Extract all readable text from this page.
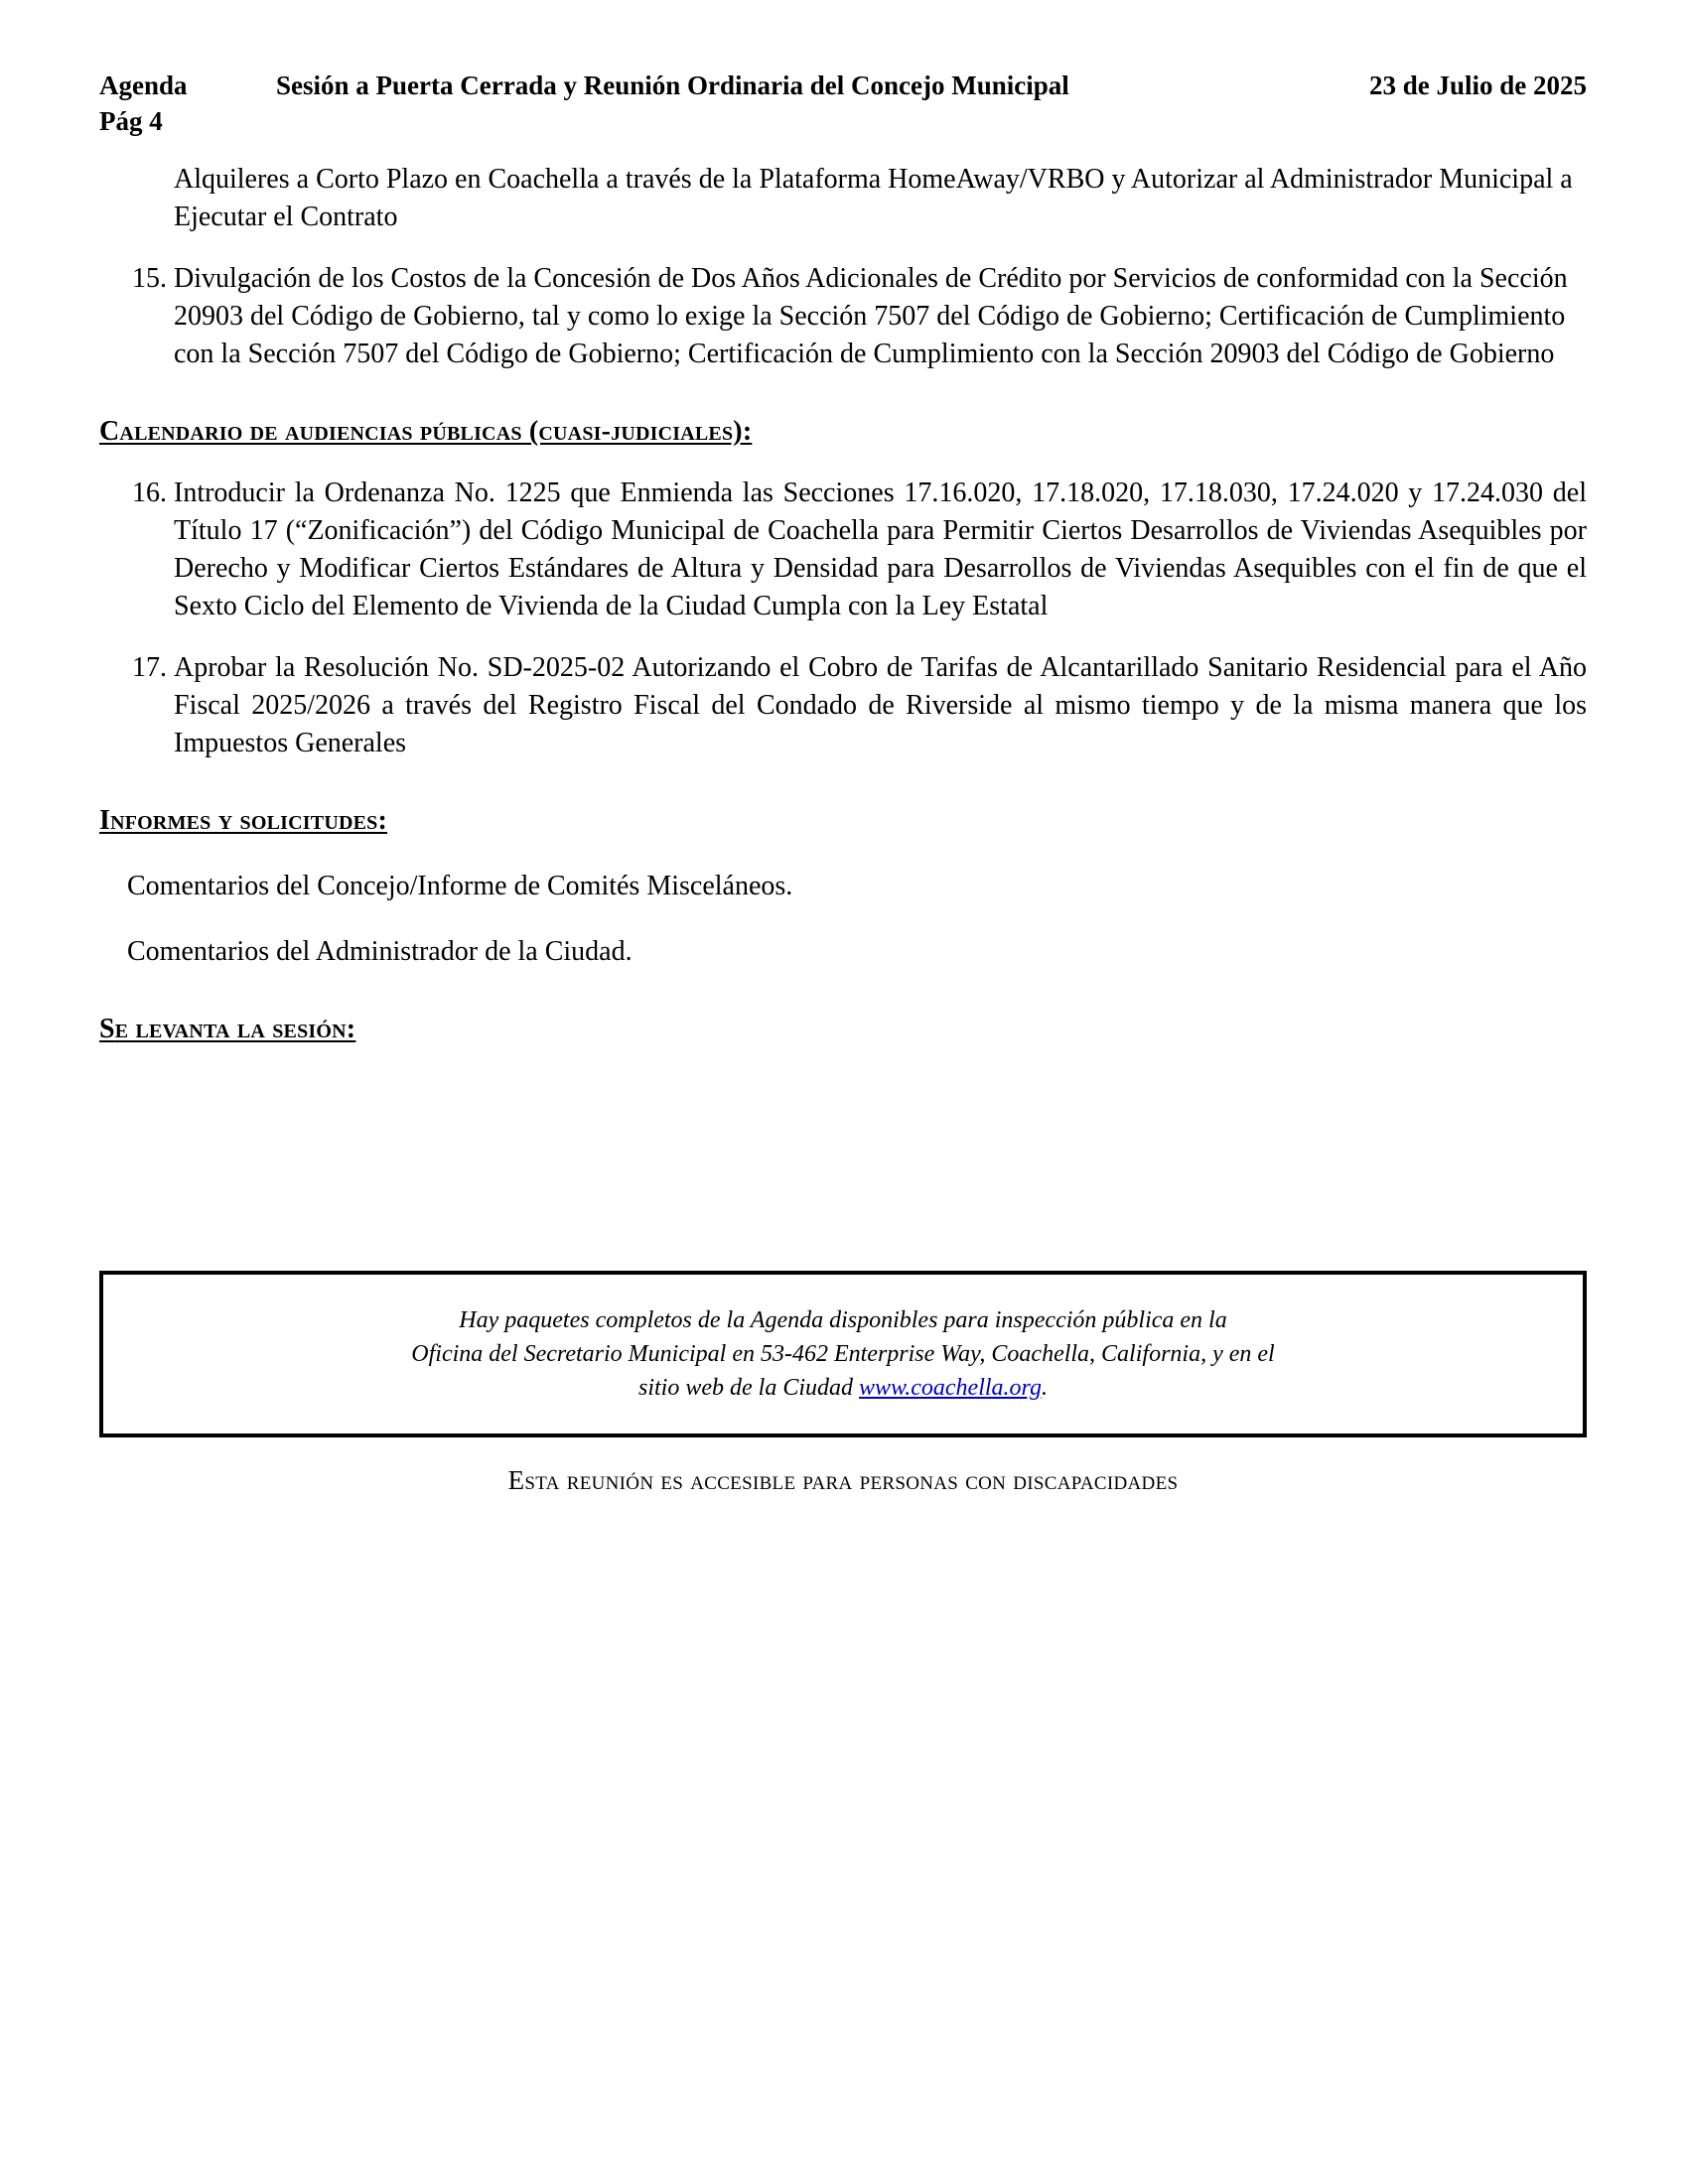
Agenda	Sesión a Puerta Cerrada y Reunión Ordinaria del Concejo Municipal	23 de Julio de 2025
Pág 4

Alquileres a Corto Plazo en Coachella a través de la Plataforma HomeAway/VRBO y Autorizar al Administrador Municipal a Ejecutar el Contrato

15. Divulgación de los Costos de la Concesión de Dos Años Adicionales de Crédito por Servicios de conformidad con la Sección 20903 del Código de Gobierno, tal y como lo exige la Sección 7507 del Código de Gobierno; Certificación de Cumplimiento con la Sección 7507 del Código de Gobierno; Certificación de Cumplimiento con la Sección 20903 del Código de Gobierno
Calendario de audiencias públicas (cuasi-judiciales):
16. Introducir la Ordenanza No. 1225 que Enmienda las Secciones 17.16.020, 17.18.020, 17.18.030, 17.24.020 y 17.24.030 del Título 17 (“Zonificación”) del Código Municipal de Coachella para Permitir Ciertos Desarrollos de Viviendas Asequibles por Derecho y Modificar Ciertos Estándares de Altura y Densidad para Desarrollos de Viviendas Asequibles con el fin de que el Sexto Ciclo del Elemento de Vivienda de la Ciudad Cumpla con la Ley Estatal
17. Aprobar la Resolución No. SD-2025-02 Autorizando el Cobro de Tarifas de Alcantarillado Sanitario Residencial para el Año Fiscal 2025/2026 a través del Registro Fiscal del Condado de Riverside al mismo tiempo y de la misma manera que los Impuestos Generales
Informes y solicitudes:

Comentarios del Concejo/Informe de Comités Misceláneos.

Comentarios del Administrador de la Ciudad.

Se levanta la sesión:
Hay paquetes completos de la Agenda disponibles para inspección pública en la
Oficina del Secretario Municipal en 53-462 Enterprise Way, Coachella, California, y en el
sitio web de la Ciudad www.coachella.org.
Esta reunión es accesible para personas con discapacidades
